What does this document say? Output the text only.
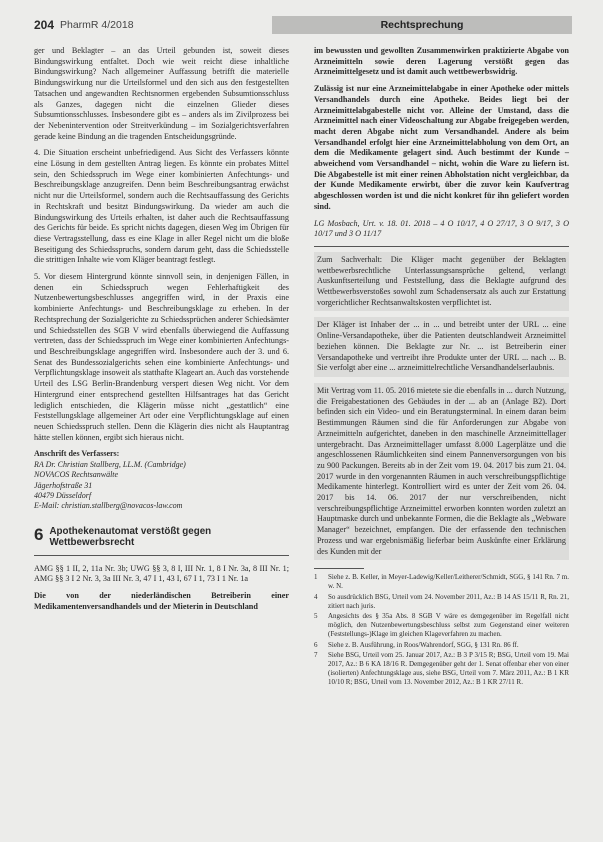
204 PharmR 4/2018	Rechtsprechung

ger und Beklagter – an das Urteil gebunden ist, soweit dieses Bindungswirkung entfaltet. Doch wie weit reicht diese inhaltliche Bindungswirkung? Nach allgemeiner Auffassung betrifft die materielle Bindungswirkung nur die Urteilsformel und den sich aus den festgestellten Tatsachen und angewandten Rechtsnormen ergebenden Subsumtionsschluss als Ganzes, dagegen nicht die einzelnen Glieder dieses Subsumtionsschlusses. Insbesondere gibt es – anders als im Zivilprozess bei der Nebenintervention oder Streitverkündung – im Sozialgerichtsverfahren gerade keine Bindung an die tragenden Entscheidungsgründe.

4. Die Situation erscheint unbefriedigend. Aus Sicht des Verfassers könnte eine Lösung in dem gestellten Antrag liegen. Es könnte ein probates Mittel sein, den Schiedsspruch im Wege einer kombinierten Anfechtungs- und Beschreibungsklage anzugreifen. Denn beim Beschreibungsantrag erwächst nicht nur die Urteilsformel, sondern auch die Rechtsauffassung des Gerichts in Rechtskraft und besitzt Bindungswirkung. Da wieder am auch die Bindungswirkung des Urteils erhalten, ist daher auch die Rechtsauffassung des Gerichts für beide. Es spricht nichts dagegen, diesen Weg im Übrigen für diese Vertragsstellung, dass es eine Klage in aller Regel nicht um die bloße Beseitigung des Schiedsspruchs, sondern darum geht, dass die Schiedsstelle die strittigen Inhalte wie vom Kläger beantragt festlegt.

5. Vor diesem Hintergrund könnte sinnvoll sein, in denjenigen Fällen, in denen ein Schiedsspruch wegen Fehlerhaftigkeit des Nutzenbewertungsbeschlusses angegriffen wird, in der Praxis eine kombinierte Anfechtungs- und Beschreibungsklage zu erheben. In der Rechtsprechung der Sozialgerichte zu Schiedssprüchen anderer Schiedsämter und Schiedsstellen des SGB V wird ebenfalls überwiegend die Auffassung vertreten, dass der Schiedsspruch im Wege einer kombinierten Anfechtungs- und Beschreibungsklage angegriffen wird. Insbesondere auch der 3. und 6. Senat des Bundessozialgerichts sehen eine kombinierte Anfechtungs- und Verpflichtungsklage insoweit als statthafte Klageart an. Auch das vorstehende Urteil des LSG Berlin-Brandenburg verspert diesen Weg nicht. Vor dem Hintergrund einer entsprechend gestellten Hilfsantrages hat das Gericht lediglich entschieden, die Klägerin müsse nicht „gestattlich“ eine Feststellungsklage allgemeiner Art oder eine Verpflichtungsklage auf einen neuen Schiedsspruch stellen. Denn die Klägerin dies nicht als Hauptantrag hätte stellen können, ergibt sich hieraus nicht.

Anschrift des Verfassers:
RA Dr. Christian Stallberg, LL.M. (Cambridge)
NOVACOS Rechtsanwälte
Jägerhofstraße 31
40479 Düsseldorf
E-Mail: christian.stallberg@novacos-law.com
6 Apothekenautomat verstößt gegen Wettbewerbsrecht

AMG §§ 1 II, 2, 11a Nr. 3b; UWG §§ 3, 8 I, III Nr. 1, 8 I Nr. 3a, 8 III Nr. 1; AMG §§ 3 I 2 Nr. 3, 3a III Nr. 3, 47 I 1, 43 I, 67 I 1, 73 I 1 Nr. 1a

Die von der niederländischen Betreiberin einer Medikamentenversandhandels und der Mieterin in Deutschland

im bewussten und gewollten Zusammenwirken praktizierte Abgabe von Arzneimitteln sowie deren Lagerung verstößt gegen das Arzneimittelgesetz und ist damit auch wettbewerbswidrig.

Zulässig ist nur eine Arzneimittelabgabe in einer Apotheke oder mittels Versandhandels durch eine Apotheke. Beides liegt bei der Arzneimittelabgabestelle nicht vor. Alleine der Umstand, dass die Arzneimittel nach einer Videoschaltung zur Abgabe freigegeben werden, macht deren Abgabe nicht zum Versandhandel. Andere als beim Versandhandel erfolgt hier eine Arzneimittelabholung von dem Ort, an dem die Medikamente gelagert sind. Auch bestimmt der Kunde – abweichend vom Versandhandel – nicht, wohin die Ware zu liefern ist. Die Abgabestelle ist mit einer reinen Abholstation nicht vergleichbar, da der Kunde Medikamente erwirbt, über die zuvor kein Kaufvertrag abgeschlossen worden ist und die nicht konkret für ihn geliefert worden sind.

LG Mosbach, Urt. v. 18. 01. 2018 – 4 O 10/17, 4 O 27/17, 3 O 9/17, 3 O 10/17 und 3 O 11/17

Zum Sachverhalt: Die Kläger macht gegenüber der Beklagten wettbewerbsrechtliche Unterlassungsansprüche geltend, verlangt Auskunftserteilung und Feststellung, dass die Beklagte aufgrund des Wettbewerbsverstoßes sowohl zum Schadensersatz als auch zur Erstattung vorgerichtlicher Rechtsanwaltskosten verpflichtet ist.

Der Kläger ist Inhaber der ... in ... und betreibt unter der URL ... eine Online-Versandapotheke, über die Patienten deutschlandweit Arzneimittel beziehen können. Die Beklagte zur Nr. ... ist Betreiberin einer Versandapotheke und vertreibt ihre Produkte unter der URL ... nach ... B. Sie verfolgt aber eine ... arzneimittelrechtliche Versandhandelserlaubnis.

Mit Vertrag vom 11. 05. 2016 mietete sie die ebenfalls in ... durch Nutzung, die Freigabestationen des Gebäudes in der ... ab an (Anlage B2). Dort befinden sich ein Video- und ein Beratungsterminal. In einem daran beim Bestimmungen Räumen sind die für Anforderungen zur Abgabe von Arzneimitteln aufgerichtet, daneben in den maschinelle Arzneimittellager untergebracht. Das Arzneimittellager umfasst 8.000 Lagerplätze und die angeschlossenen Räumlichkeiten sind einem Pannenversorgungen von bis zu 900 Packungen. Bereits ab in der Zeit vom 19. 04. 2017 bis zum 21. 04. 2017 wurde in den vorgenannten Räumen in auch verschreibungspflichtige Medikamente hinterlegt. Kontrolliert wird es unter der Zeit vom 26. 04. 2017 bis 14. 06. 2017 der nur verschreibenden, nicht verschreibungspflichtige Arzneimittel erworben konnten worden zuletzt an Hauptmaske durch und unbekannte Formen, die die Beklagte als „Webware Manager“ bezeichnet, empfangen. Die der erfassende den technischen Prozess und war ergebnismäßig lieferbar beim Auskünfte einer Erklärung des Kunden mit der

1	Siehe z. B. Keller, in Meyer-Ladewig/Keller/Leitherer/Schmidt, SGG, § 141 Rn. 7 m. w. N.
4	So ausdrücklich BSG, Urteil vom 24. November 2011, Az.: B 14 AS 15/11 R, Rn. 21, zitiert nach juris.
5	Angesichts des § 35a Abs. 8 SGB V wäre es demgegenüber im Regelfall nicht möglich, den Nutzenbewertungsbeschluss selbst zum Gegenstand einer weiteren (Feststellungs-)Klage im gleichen Klageverfahren zu machen.
6	Siehe z. B. Ausführung, in Roos/Wahrendorf, SGG, § 131 Rn. 86 ff.
7	Siehe BSG, Urteil vom 25. Januar 2017, Az.: B 3 P 3/15 R; BSG, Urteil vom 19. Mai 2017, Az.: B 6 KA 18/16 R. Demgegenüber geht der 1. Senat offenbar eher von einer (isolierten) Anfechtungsklage aus, siehe BSG, Urteil vom 7. März 2011, Az.: B 1 KR 10/10 R; BSG, Urteil vom 13. November 2012, Az.: B 1 KR 27/11 R.
